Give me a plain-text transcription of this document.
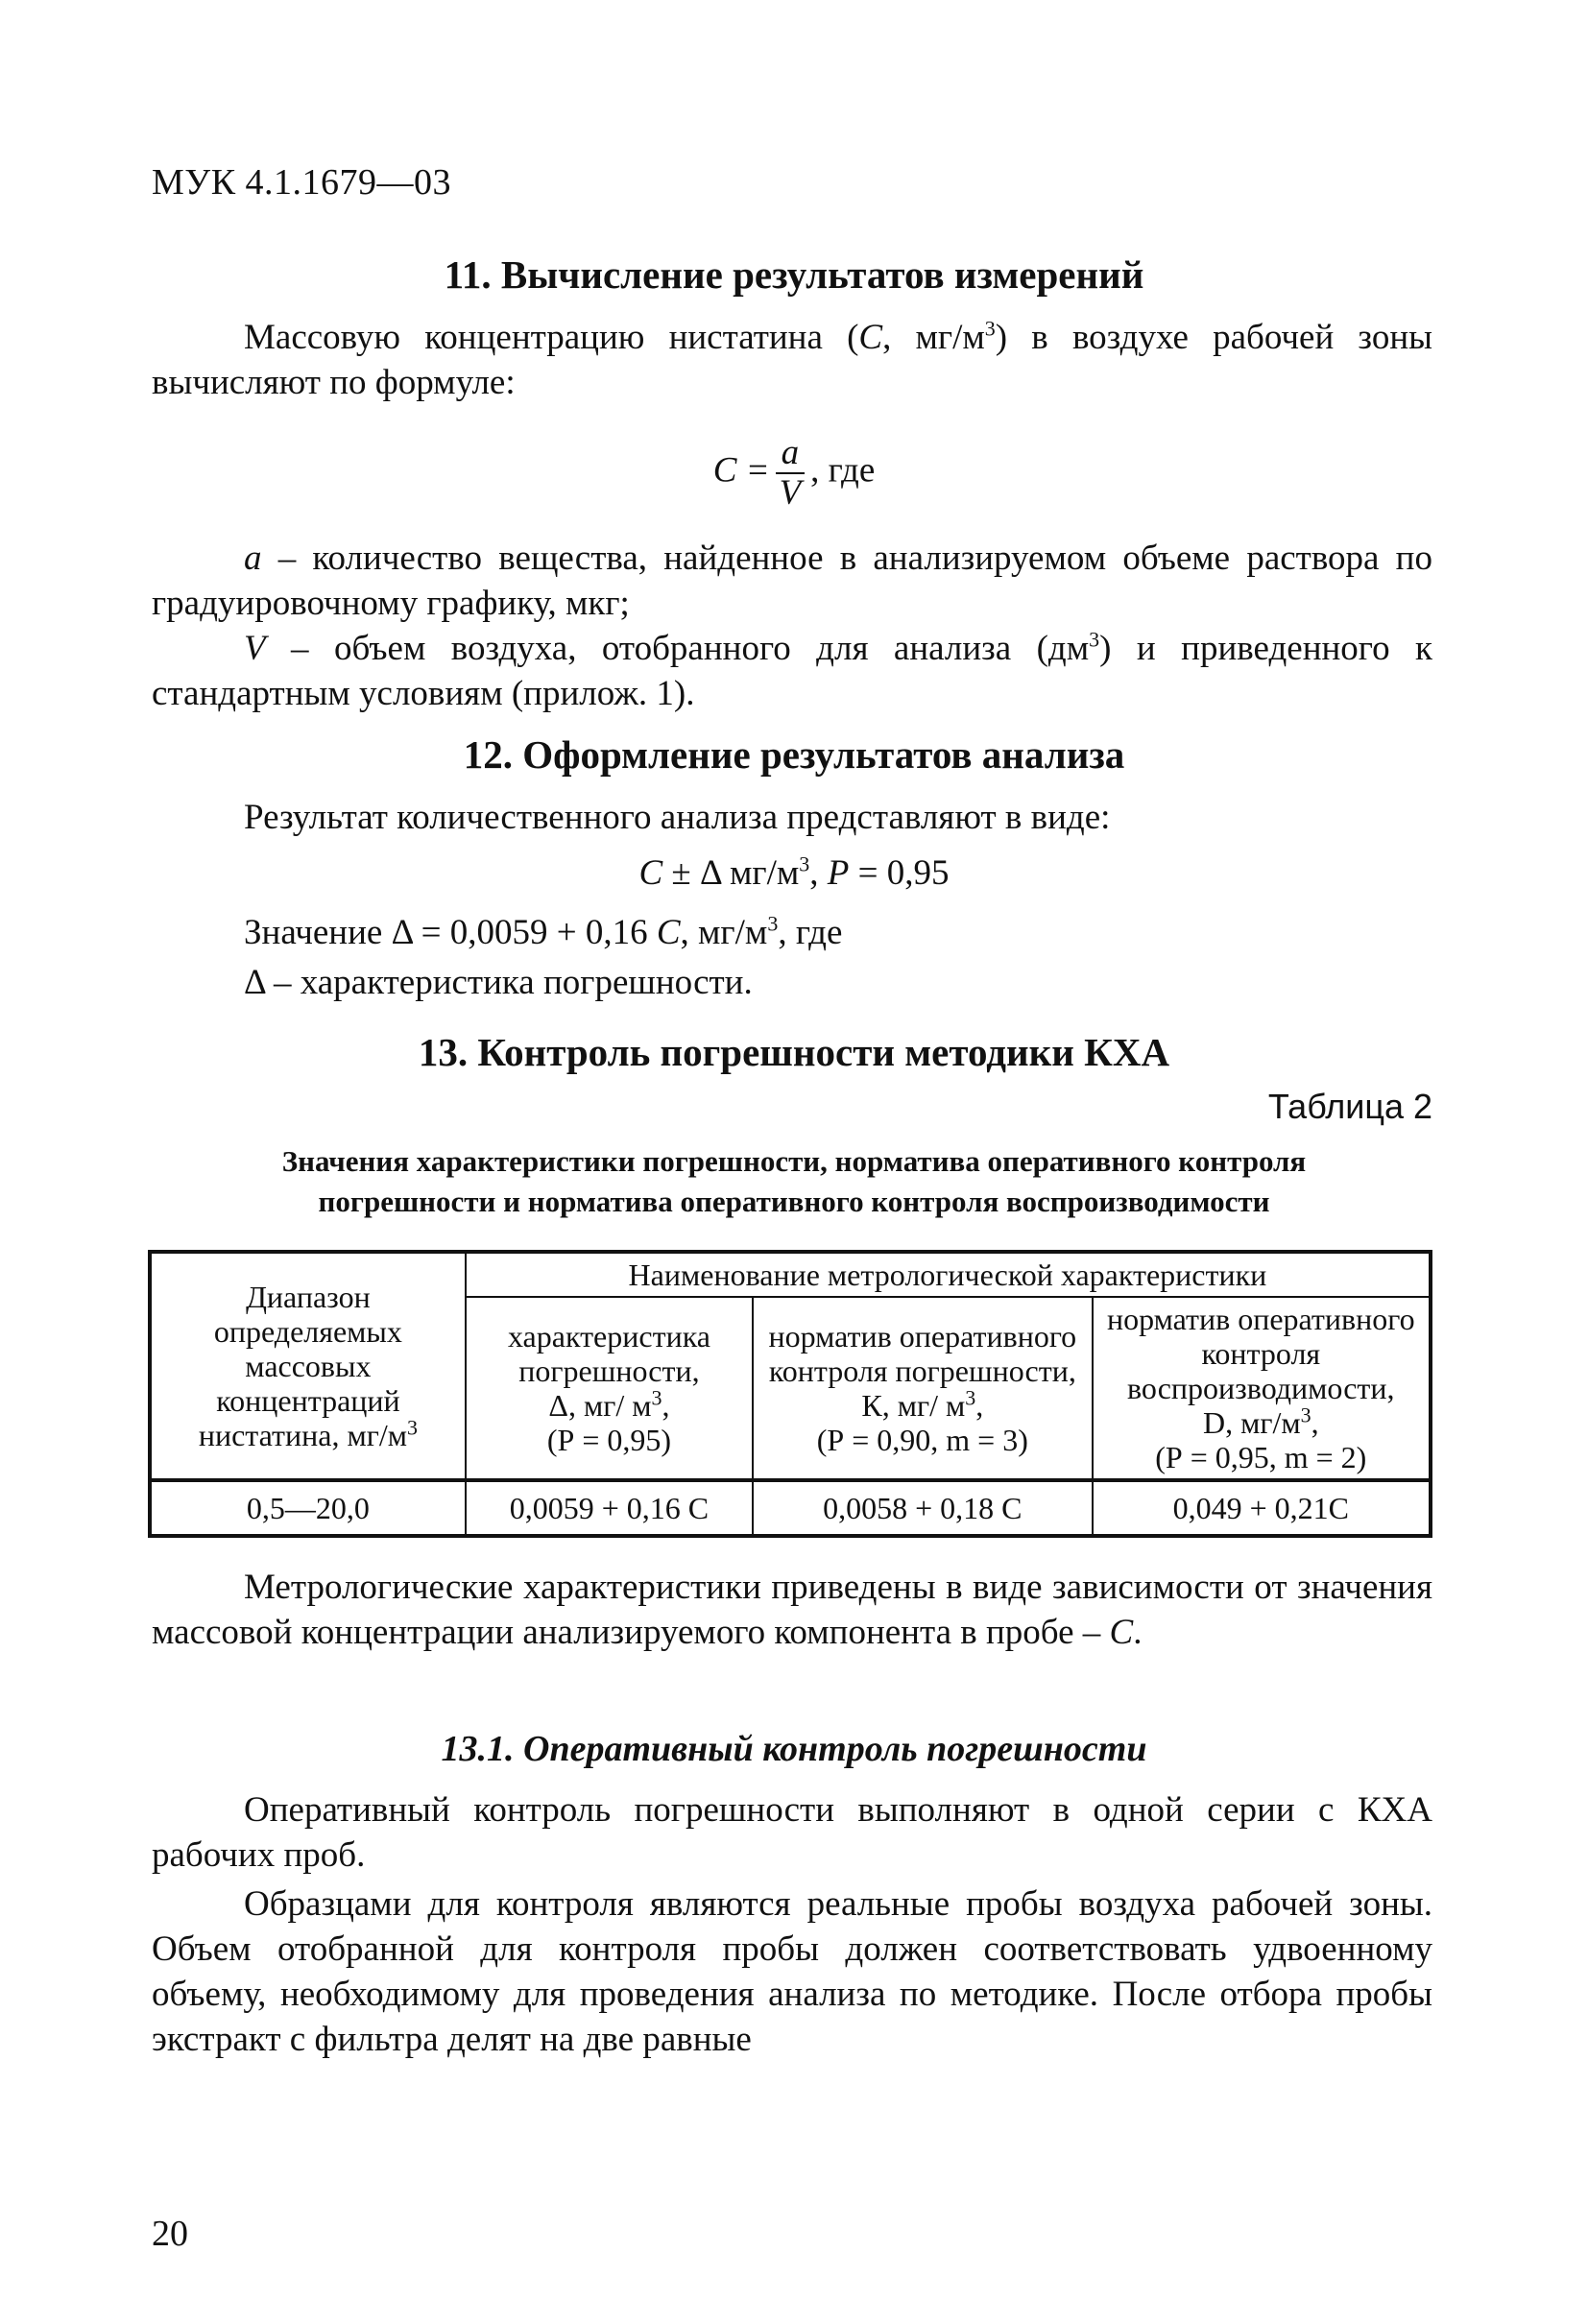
МУК 4.1.1679—03
11. Вычисление результатов измерений
Массовую концентрацию нистатина (С, $мг/м^3$) в воздухе рабочей зоны вычисляют по формуле:
$С = \frac{a}{V}$ , где
a – количество вещества, найденное в анализируемом объеме раствора по градуировочному графику, мкг;
V – объем воздуха, отобранного для анализа $(дм^3)$ и приведенного к стандартным условиям (прилож. 1).
12. Оформление результатов анализа
Результат количественного анализа представляют в виде:
С ± Δ $мг/м^3$, Р = 0,95
Значение Δ = 0,0059 + 0,16 С, $мг/м^3$, где
Δ – характеристика погрешности.
13. Контроль погрешности методики КХА
Таблица 2
Значения характеристики погрешности, норматива оперативного контроля
погрешности и норматива оперативного контроля воспроизводимости
Диапазон определяемых массовых концентраций нистатина, $мг/м^3$	Наименование метрологической характеристики		
	характеристика погрешности,
Δ, мг/ $м^3$,
(Р = 0,95)	норматив оперативного контроля погрешности,
К, мг/ $м^3$,
(Р = 0,90, m = 3)	норматив оперативного контроля воспроизводимости,
D, $мг/м^3$,
(Р = 0,95, m = 2)
0,5—20,0	0,0059 + 0,16 С	0,0058 + 0,18 С	0,049 + 0,21С
Метрологические характеристики приведены в виде зависимости от значения массовой концентрации анализируемого компонента в пробе – С.
13.1. Оперативный контроль погрешности
Оперативный контроль погрешности выполняют в одной серии с КХА рабочих проб.
Образцами для контроля являются реальные пробы воздуха рабочей зоны. Объем отобранной для контроля пробы должен соответствовать удвоенному объему, необходимому для проведения анализа по методике. После отбора пробы экстракт с фильтра делят на две равные
20
